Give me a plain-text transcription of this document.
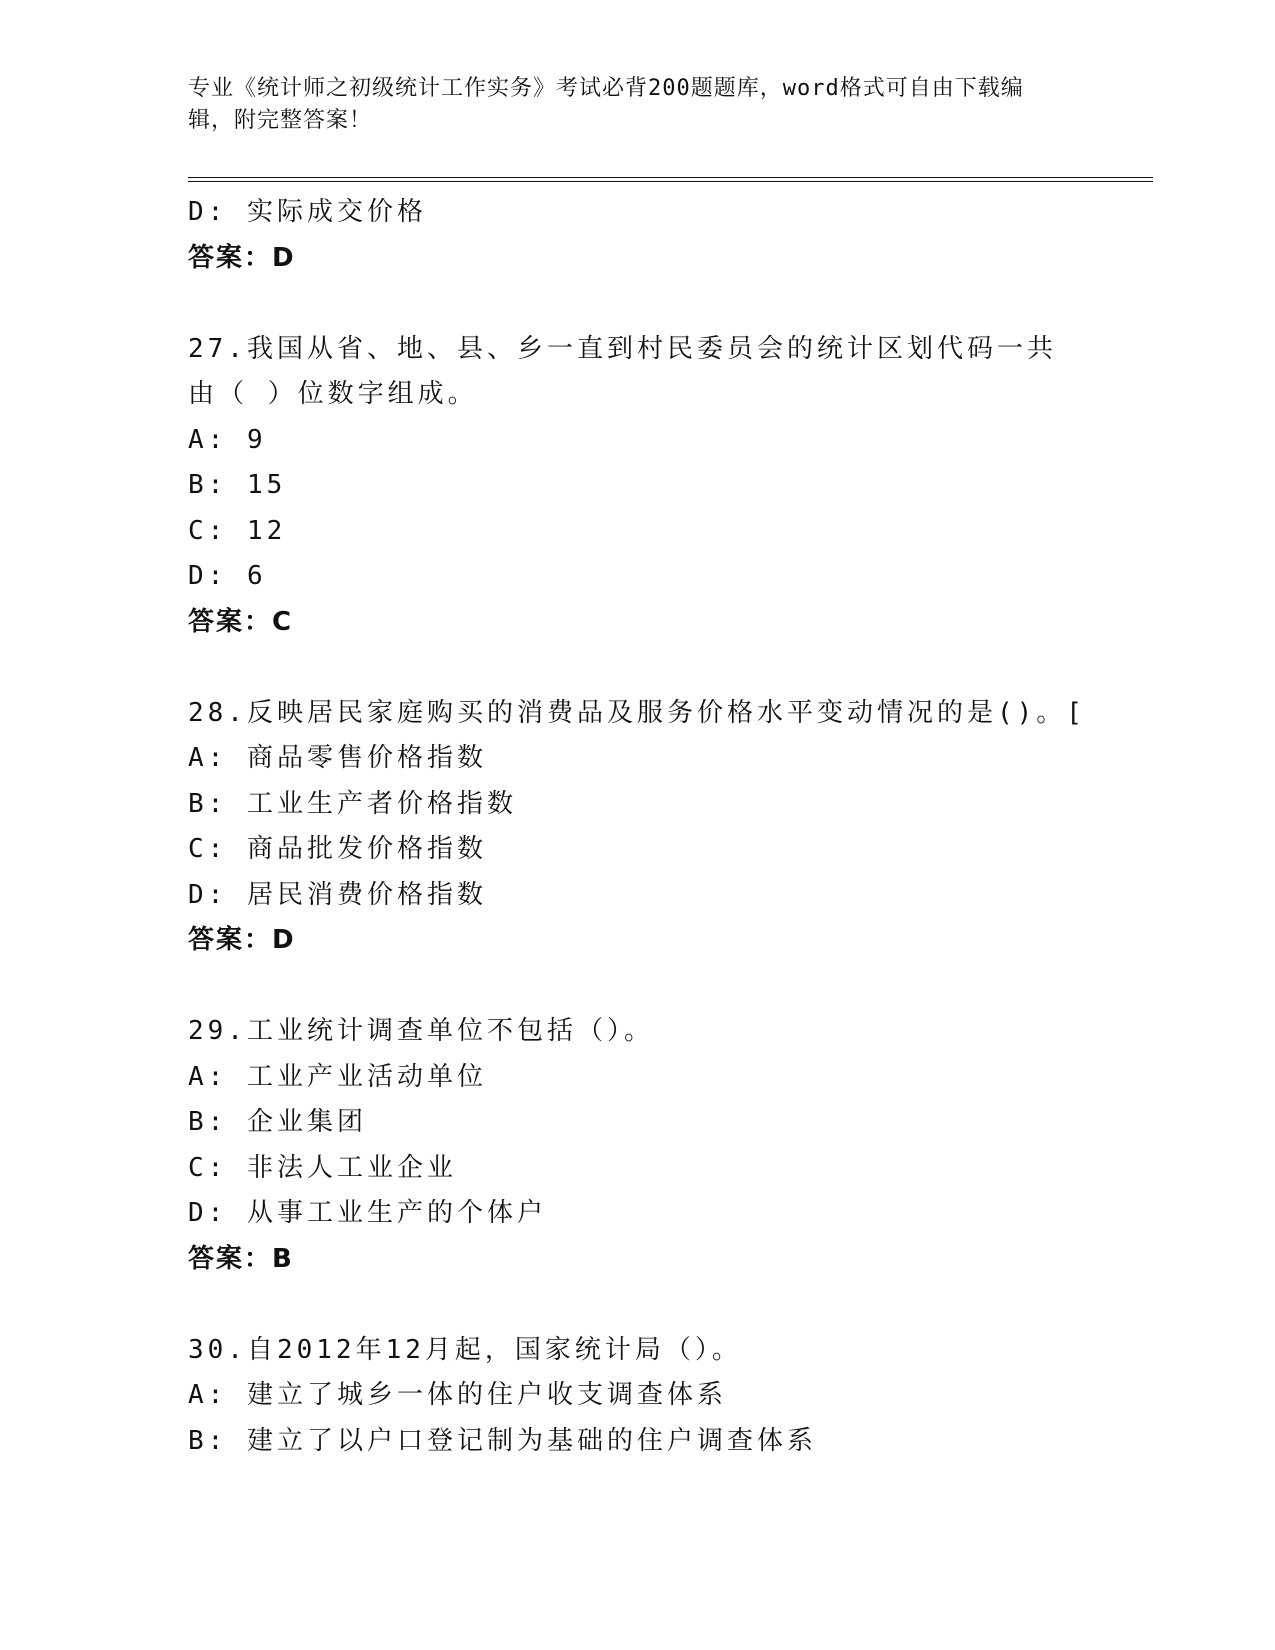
专业《统计师之初级统计工作实务》考试必背200题题库，word格式可自由下载编辑，附完整答案！
D: 实际成交价格
答案：D
27.我国从省、地、县、乡一直到村民委员会的统计区划代码一共由（ ）位数字组成。
A: 9
B: 15
C: 12
D: 6
答案：C
28.反映居民家庭购买的消费品及服务价格水平变动情况的是()。[
A: 商品零售价格指数
B: 工业生产者价格指数
C: 商品批发价格指数
D: 居民消费价格指数
答案：D
29.工业统计调查单位不包括（）。
A: 工业产业活动单位
B: 企业集团
C: 非法人工业企业
D: 从事工业生产的个体户
答案：B
30.自2012年12月起，国家统计局（）。
A: 建立了城乡一体的住户收支调查体系
B: 建立了以户口登记制为基础的住户调查体系
